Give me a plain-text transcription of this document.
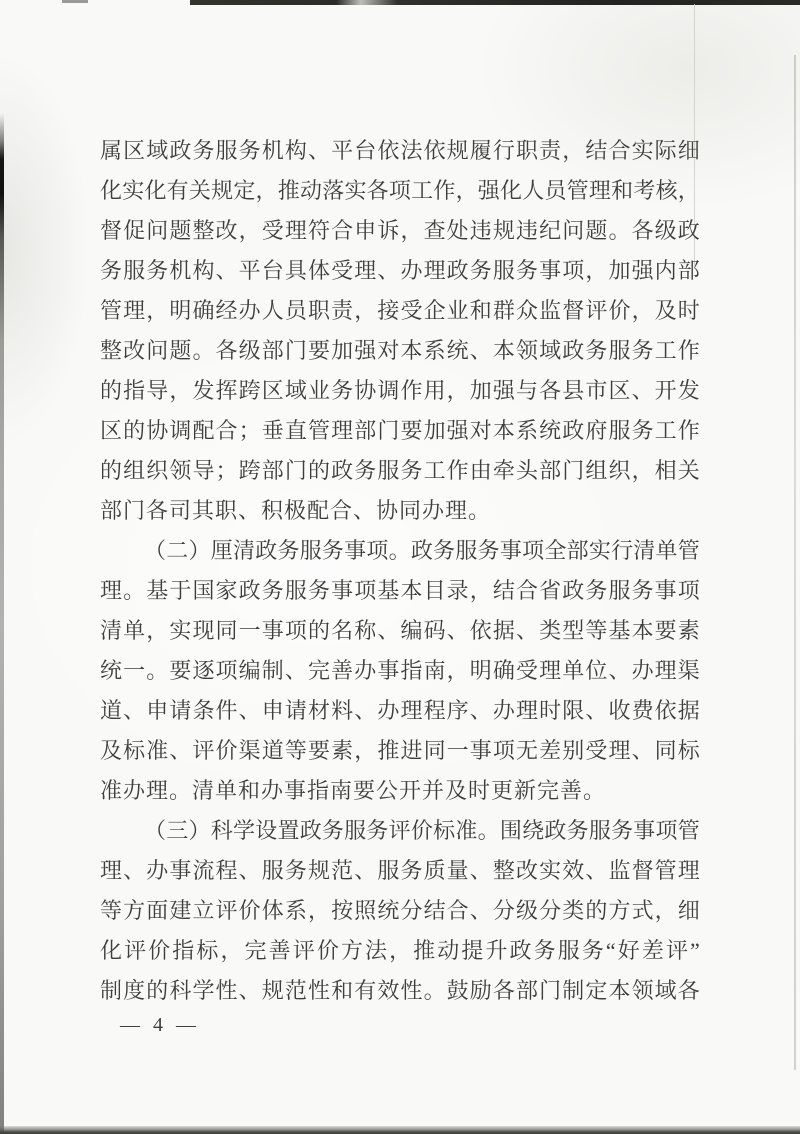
属区域政务服务机构、平台依法依规履行职责，结合实际细
化实化有关规定，推动落实各项工作，强化人员管理和考核，
督促问题整改，受理符合申诉，查处违规违纪问题。各级政
务服务机构、平台具体受理、办理政务服务事项，加强内部
管理，明确经办人员职责，接受企业和群众监督评价，及时
整改问题。各级部门要加强对本系统、本领域政务服务工作
的指导，发挥跨区域业务协调作用，加强与各县市区、开发
区的协调配合；垂直管理部门要加强对本系统政府服务工作
的组织领导；跨部门的政务服务工作由牵头部门组织，相关
部门各司其职、积极配合、协同办理。
（二）厘清政务服务事项。政务服务事项全部实行清单管
理。基于国家政务服务事项基本目录，结合省政务服务事项
清单，实现同一事项的名称、编码、依据、类型等基本要素
统一。要逐项编制、完善办事指南，明确受理单位、办理渠
道、申请条件、申请材料、办理程序、办理时限、收费依据
及标准、评价渠道等要素，推进同一事项无差别受理、同标
准办理。清单和办事指南要公开并及时更新完善。
（三）科学设置政务服务评价标准。围绕政务服务事项管
理、办事流程、服务规范、服务质量、整改实效、监督管理
等方面建立评价体系，按照统分结合、分级分类的方式，细
化评价指标，完善评价方法，推动提升政务服务“好差评”
制度的科学性、规范性和有效性。鼓励各部门制定本领域各
— 4 —
